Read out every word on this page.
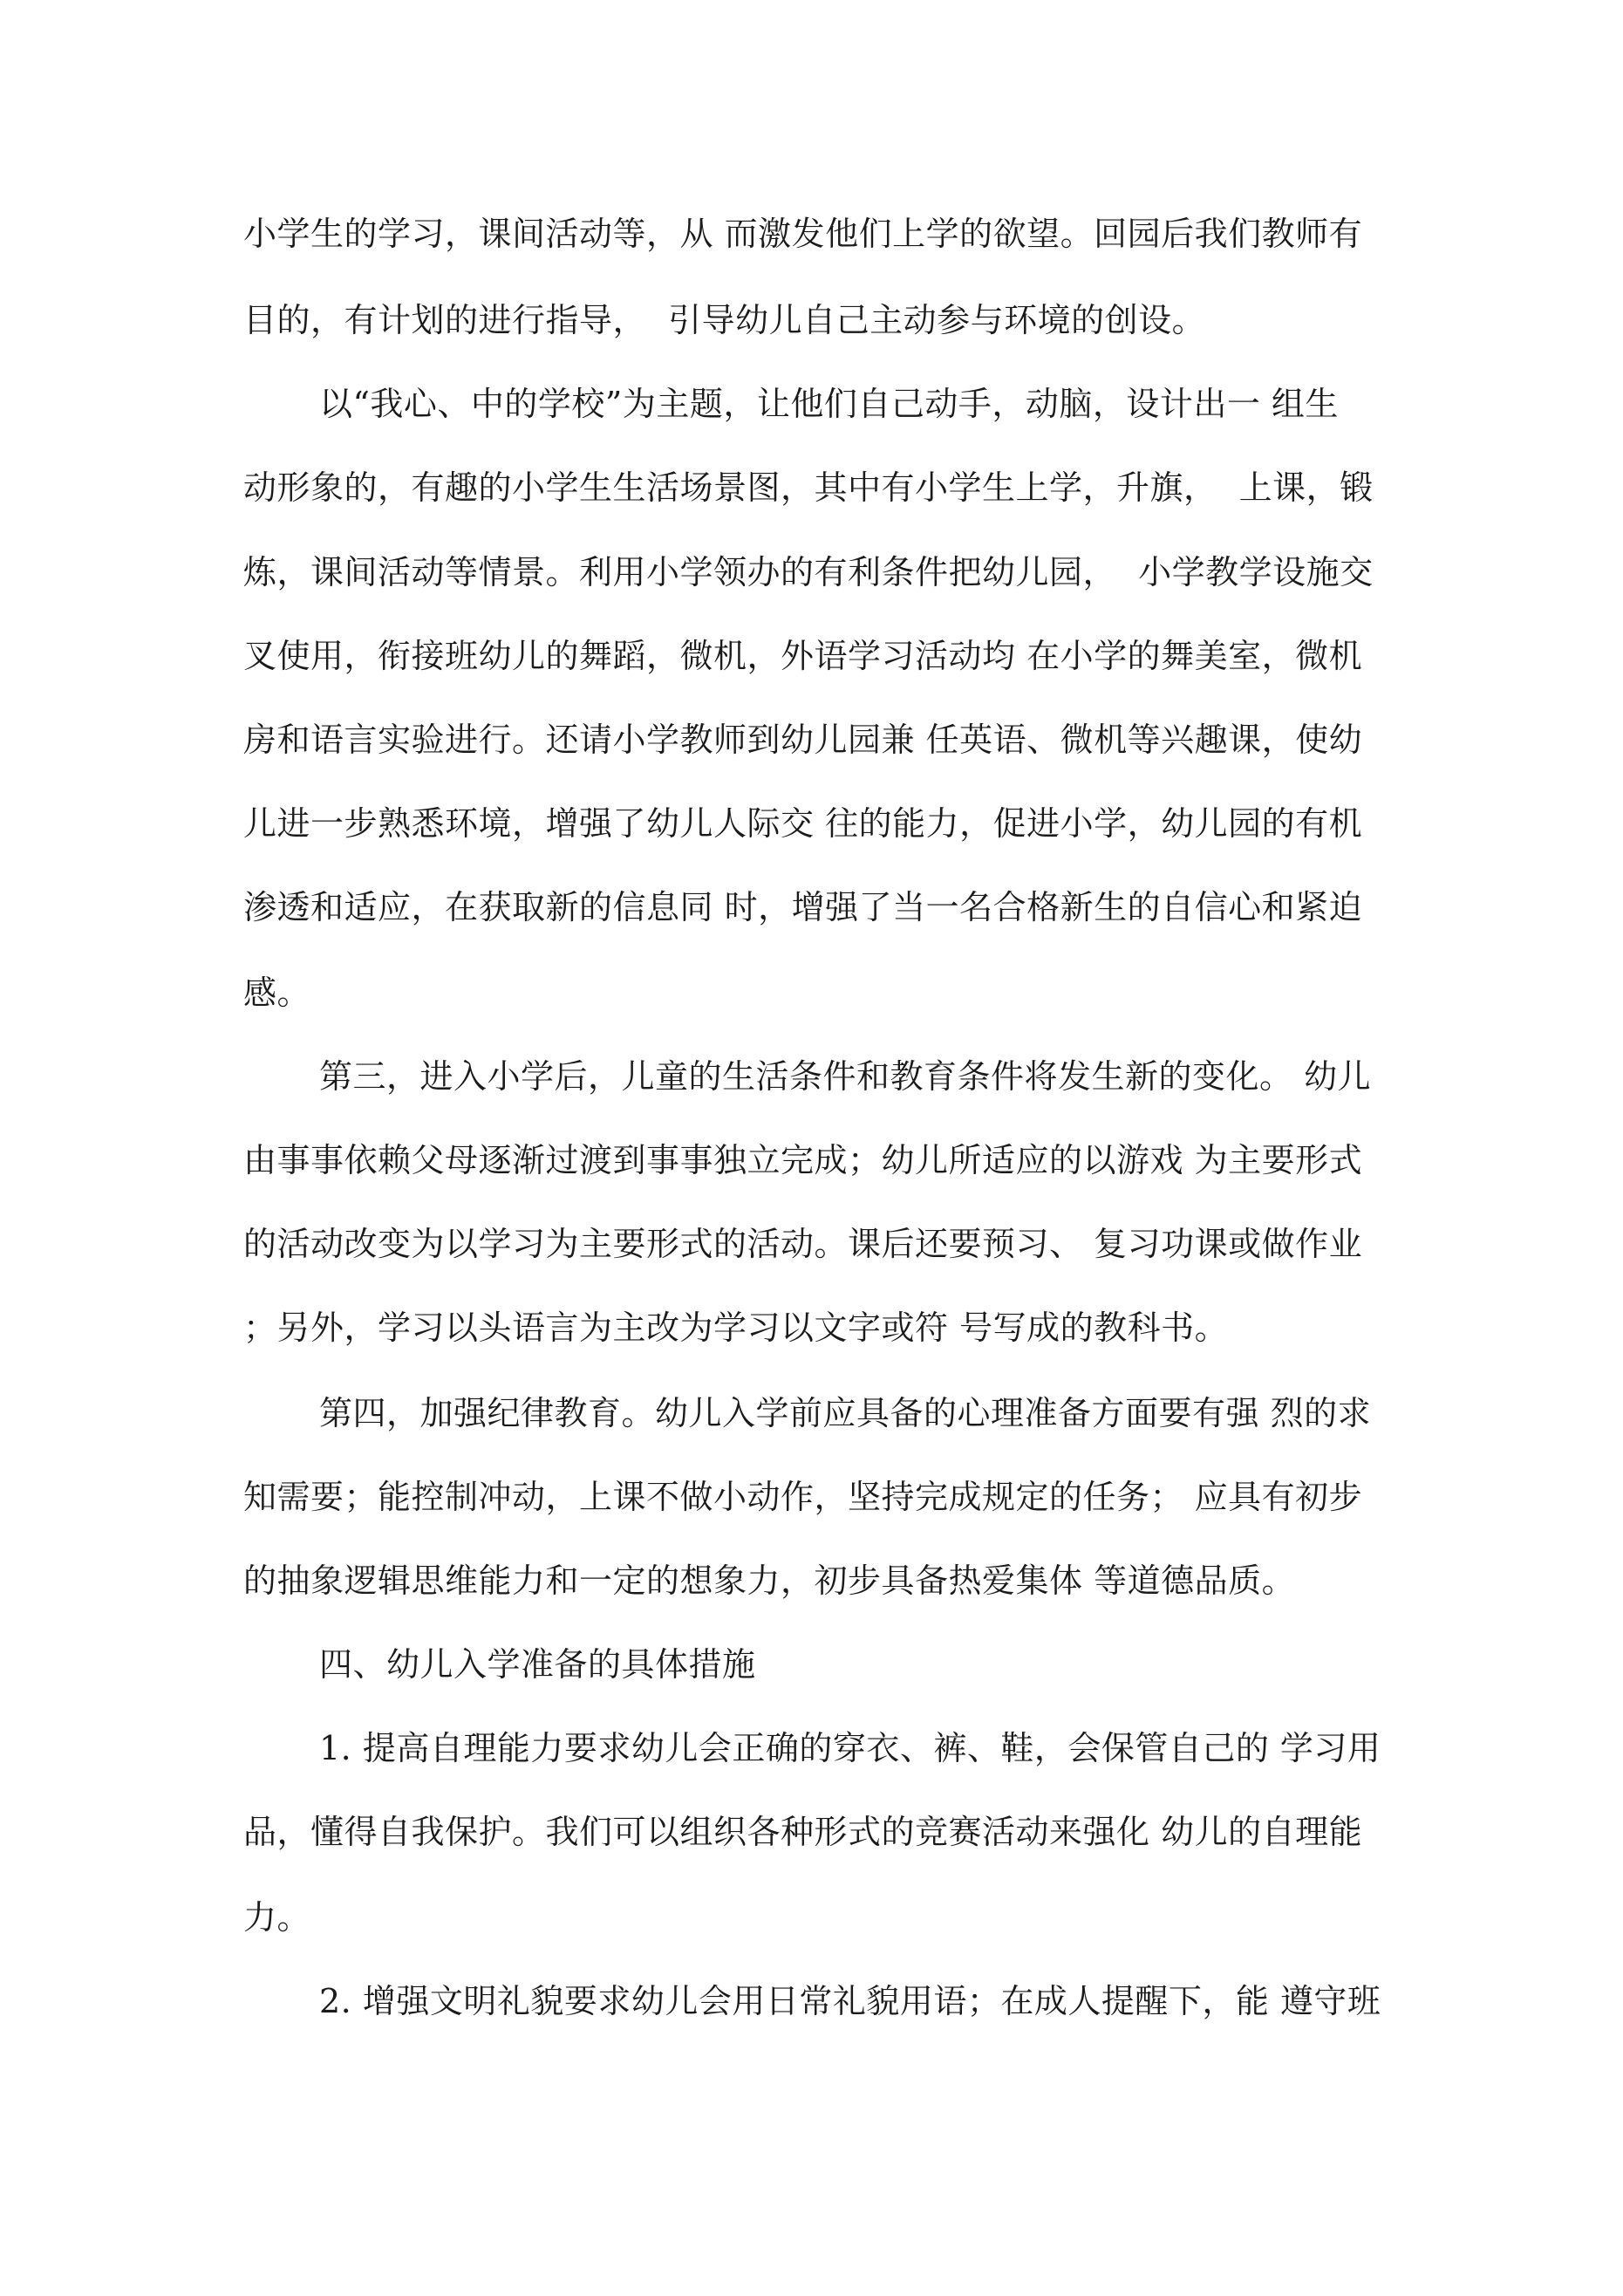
小学生的学习，课间活动等，从 而激发他们上学的欲望。回园后我们教师有
目的，有计划的进行指导，  引导幼儿自己主动参与环境的创设。
以“我心、中的学校”为主题，让他们自己动手，动脑，设计出一 组生
动形象的，有趣的小学生生活场景图，其中有小学生上学，升旗，  上课，锻
炼，课间活动等情景。利用小学领办的有利条件把幼儿园，  小学教学设施交
叉使用，衔接班幼儿的舞蹈，微机，外语学习活动均 在小学的舞美室，微机
房和语言实验进行。还请小学教师到幼儿园兼 任英语、微机等兴趣课，使幼
儿进一步熟悉环境，增强了幼儿人际交 往的能力，促进小学，幼儿园的有机
渗透和适应，在获取新的信息同 时，增强了当一名合格新生的自信心和紧迫
感。
第三，进入小学后，儿童的生活条件和教育条件将发生新的变化。 幼儿
由事事依赖父母逐渐过渡到事事独立完成；幼儿所适应的以游戏 为主要形式
的活动改变为以学习为主要形式的活动。课后还要预习、 复习功课或做作业
；另外，学习以头语言为主改为学习以文字或符 号写成的教科书。
第四，加强纪律教育。幼儿入学前应具备的心理准备方面要有强 烈的求
知需要；能控制冲动，上课不做小动作，坚持完成规定的任务； 应具有初步
的抽象逻辑思维能力和一定的想象力，初步具备热爱集体 等道德品质。
四、幼儿入学准备的具体措施
1. 提高自理能力要求幼儿会正确的穿衣、裤、鞋，会保管自己的 学习用
品，懂得自我保护。我们可以组织各种形式的竞赛活动来强化 幼儿的自理能
力。
2. 增强文明礼貌要求幼儿会用日常礼貌用语；在成人提醒下，能 遵守班
